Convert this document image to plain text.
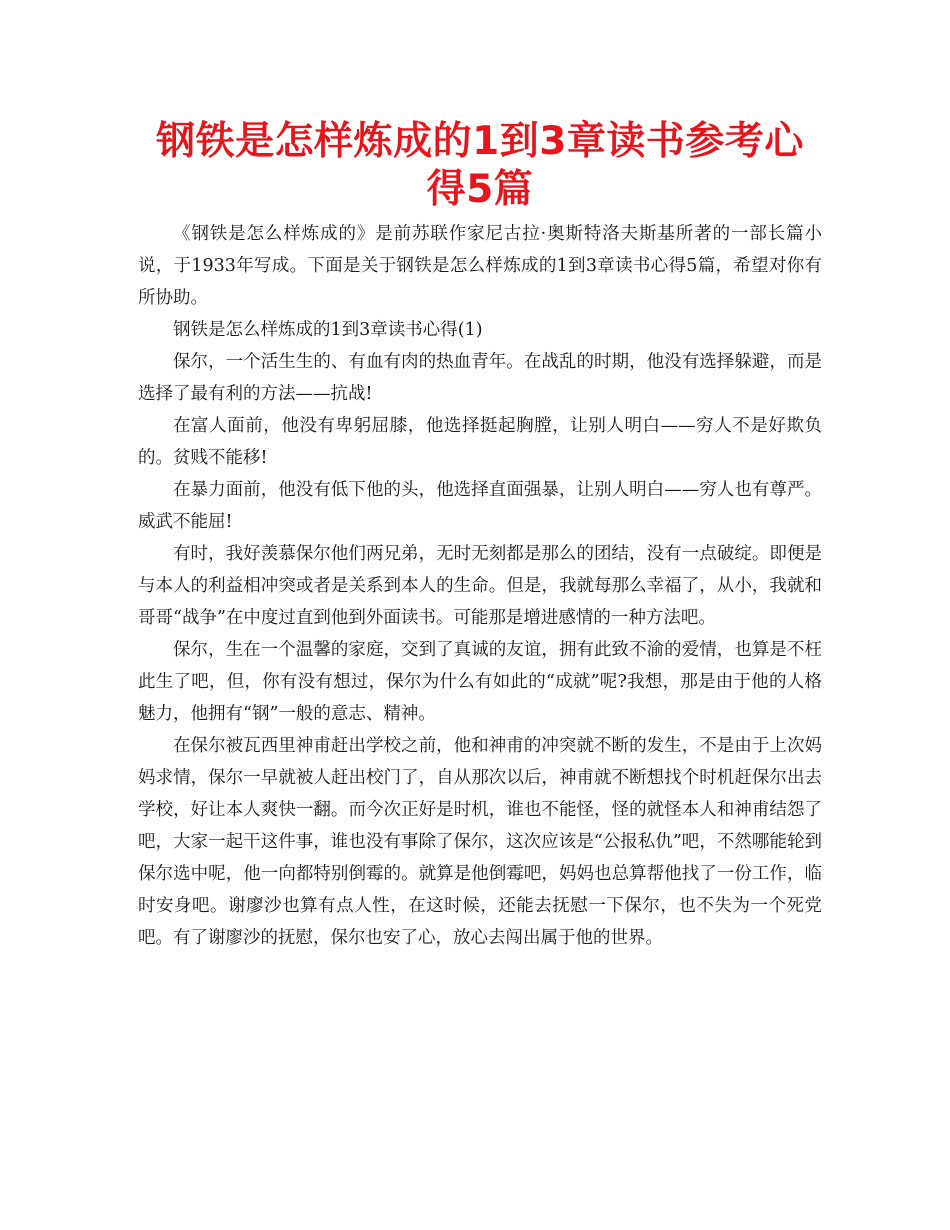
钢铁是怎样炼成的1到3章读书参考心得5篇

《钢铁是怎么样炼成的》是前苏联作家尼古拉·奥斯特洛夫斯基所著的一部长篇小说，于1933年写成。下面是关于钢铁是怎么样炼成的1到3章读书心得5篇，希望对你有所协助。

钢铁是怎么样炼成的1到3章读书心得(1)

保尔，一个活生生的、有血有肉的热血青年。在战乱的时期，他没有选择躲避，而是选择了最有利的方法——抗战!

在富人面前，他没有卑躬屈膝，他选择挺起胸膛，让别人明白——穷人不是好欺负的。贫贱不能移!

在暴力面前，他没有低下他的头，他选择直面强暴，让别人明白——穷人也有尊严。威武不能屈!

有时，我好羡慕保尔他们两兄弟，无时无刻都是那么的团结，没有一点破绽。即便是与本人的利益相冲突或者是关系到本人的生命。但是，我就每那么幸福了，从小，我就和哥哥“战争”在中度过直到他到外面读书。可能那是增进感情的一种方法吧。

保尔，生在一个温馨的家庭，交到了真诚的友谊，拥有此致不渝的爱情，也算是不枉此生了吧，但，你有没有想过，保尔为什么有如此的“成就”呢?我想，那是由于他的人格魅力，他拥有“钢”一般的意志、精神。

在保尔被瓦西里神甫赶出学校之前，他和神甫的冲突就不断的发生，不是由于上次妈妈求情，保尔一早就被人赶出校门了，自从那次以后，神甫就不断想找个时机赶保尔出去学校，好让本人爽快一翻。而今次正好是时机，谁也不能怪，怪的就怪本人和神甫结怨了吧，大家一起干这件事，谁也没有事除了保尔，这次应该是“公报私仇”吧，不然哪能轮到保尔选中呢，他一向都特别倒霉的。就算是他倒霉吧，妈妈也总算帮他找了一份工作，临时安身吧。谢廖沙也算有点人性，在这时候，还能去抚慰一下保尔，也不失为一个死党吧。有了谢廖沙的抚慰，保尔也安了心，放心去闯出属于他的世界。
